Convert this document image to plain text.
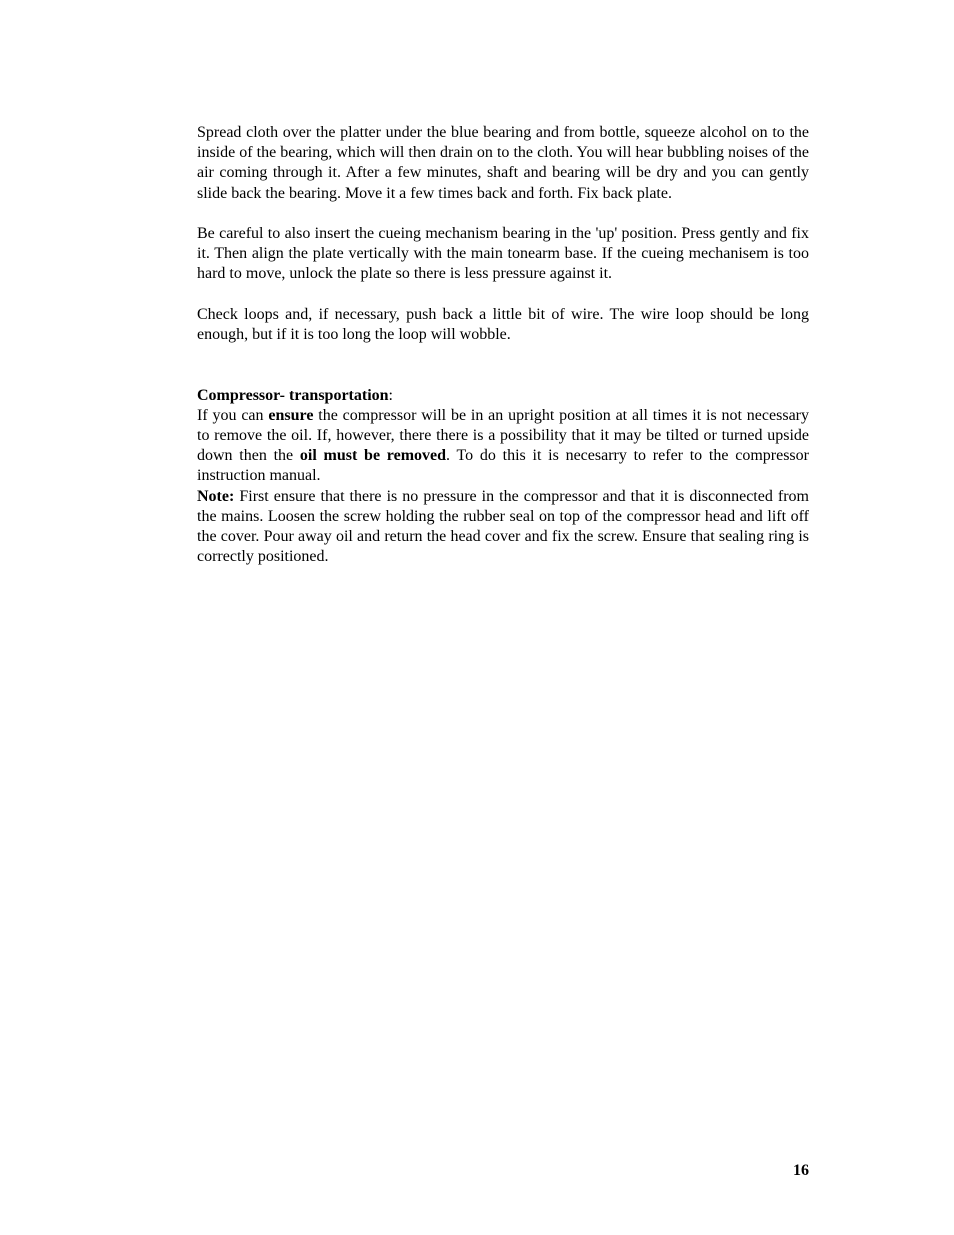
Spread cloth over the platter under the blue bearing and from bottle, squeeze alcohol on to the inside of the bearing, which will then drain on to the cloth. You will hear bubbling noises of the air coming through it. After a few minutes, shaft and bearing will be dry and you can gently slide back the bearing. Move it a few times back and forth. Fix back plate.

Be careful to also insert the cueing mechanism bearing in the 'up' position. Press gently and fix it. Then align the plate vertically with the main tonearm base. If the cueing mechanisem is too hard to move, unlock the plate so there is less pressure against it.

Check loops and, if necessary, push back a little bit of wire. The wire loop should be long enough, but if it is too long the loop will wobble.

Compressor- transportation:

If you can ensure the compressor will be in an upright position at all times it is not necessary to remove the oil. If, however, there there is a possibility that it may be tilted or turned upside down then the oil must be removed. To do this it is necesarry to refer to the compressor instruction manual.

Note: First ensure that there is no pressure in the compressor and that it is disconnected from the mains. Loosen the screw holding the rubber seal on top of the compressor head and lift off the cover. Pour away oil and return the head cover and fix the screw. Ensure that sealing ring is correctly positioned.

16
